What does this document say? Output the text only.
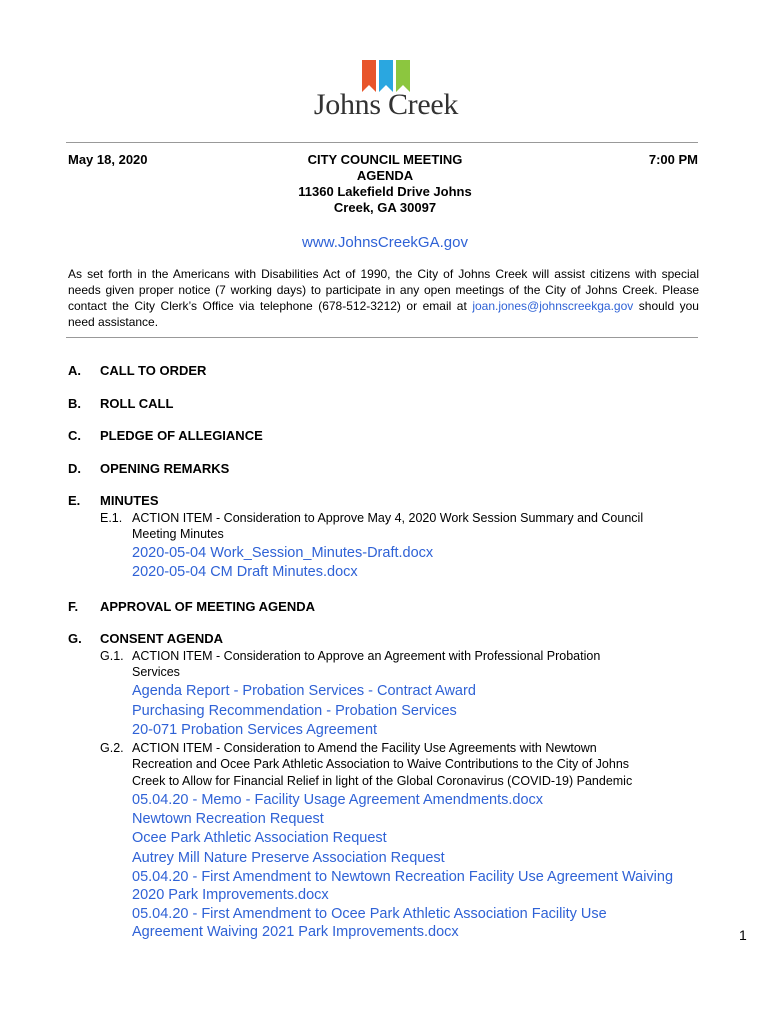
Johns Creek
May 18, 2020	CITY COUNCIL MEETING
AGENDA
11360 Lakefield Drive Johns
Creek, GA 30097
7:00 PM
www.JohnsCreekGA.gov
As set forth in the Americans with Disabilities Act of 1990, the City of Johns Creek will assist citizens with special needs given proper notice (7 working days) to participate in any open meetings of the City of Johns Creek. Please contact the City Clerk’s Office via telephone (678-512-3212) or email at joan.jones@johnscreekga.gov should you need assistance.
A. CALL TO ORDER
B. ROLL CALL
C. PLEDGE OF ALLEGIANCE
D. OPENING REMARKS
E. MINUTES
E.1. ACTION ITEM - Consideration to Approve May 4, 2020 Work Session Summary and Council
Meeting Minutes
2020-05-04 Work_Session_Minutes-Draft.docx
2020-05-04 CM Draft Minutes.docx
F. APPROVAL OF MEETING AGENDA
G. CONSENT AGENDA
G.1. ACTION ITEM - Consideration to Approve an Agreement with Professional Probation
Services
Agenda Report - Probation Services - Contract Award
Purchasing Recommendation - Probation Services
20-071 Probation Services Agreement
G.2. ACTION ITEM - Consideration to Amend the Facility Use Agreements with Newtown
Recreation and Ocee Park Athletic Association to Waive Contributions to the City of Johns
Creek to Allow for Financial Relief in light of the Global Coronavirus (COVID-19) Pandemic
05.04.20 - Memo - Facility Usage Agreement Amendments.docx
Newtown Recreation Request
Ocee Park Athletic Association Request
Autrey Mill Nature Preserve Association Request
05.04.20 - First Amendment to Newtown Recreation Facility Use Agreement Waiving
2020 Park Improvements.docx
05.04.20 - First Amendment to Ocee Park Athletic Association Facility Use
Agreement Waiving 2021 Park Improvements.docx	1
